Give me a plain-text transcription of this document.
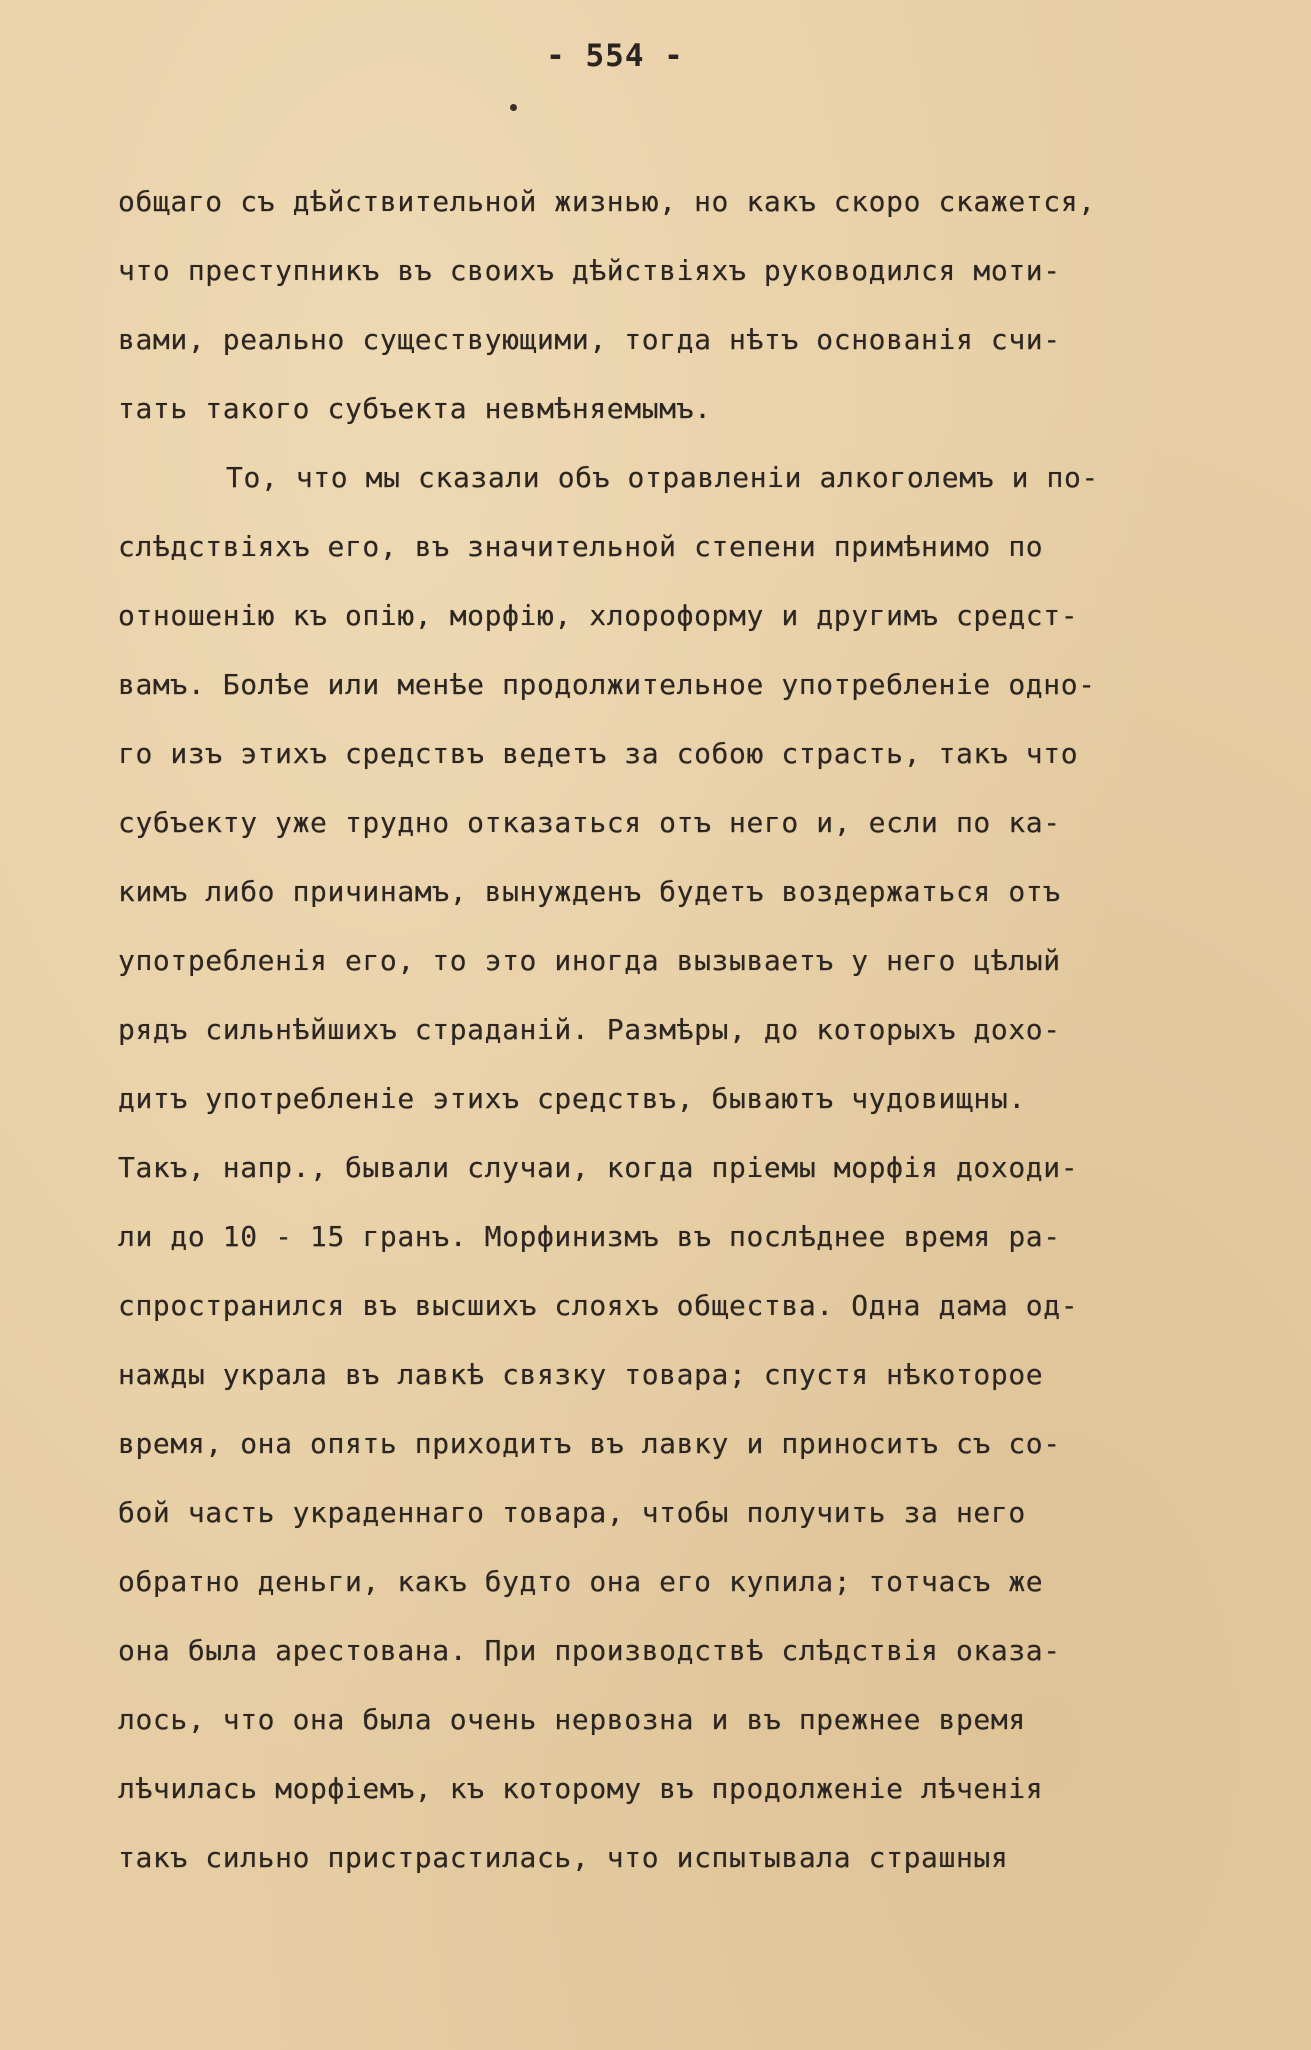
- 554 -
общаго съ дѣйствительной жизнью, но какъ скоро скажется,
что преступникъ въ своихъ дѣйствіяхъ руководился моти-
вами, реально существующими, тогда нѣтъ основанія счи-
тать такого субъекта невмѣняемымъ.
То, что мы сказали объ отравленіи алкоголемъ и по-
слѣдствіяхъ его, въ значительной степени примѣнимо по
отношенію къ опію, морфію, хлороформу и другимъ средст-
вамъ. Болѣе или менѣе продолжительное употребленіе одно-
го изъ этихъ средствъ ведетъ за собою страсть, такъ что
субъекту уже трудно отказаться отъ него и, если по ка-
кимъ либо причинамъ, вынужденъ будетъ воздержаться отъ
употребленія его, то это иногда вызываетъ у него цѣлый
рядъ сильнѣйшихъ страданій. Размѣры, до которыхъ дохо-
дитъ употребленіе этихъ средствъ, бываютъ чудовищны.
Такъ, напр., бывали случаи, когда пріемы морфія доходи-
ли до 10 - 15 гранъ. Морфинизмъ въ послѣднее время ра-
спространился въ высшихъ слояхъ общества. Одна дама од-
нажды украла въ лавкѣ связку товара; спустя нѣкоторое
время, она опять приходитъ въ лавку и приноситъ съ со-
бой часть украденнаго товара, чтобы получить за него
обратно деньги, какъ будто она его купила; тотчасъ же
она была арестована. При производствѣ слѣдствія оказа-
лось, что она была очень нервозна и въ прежнее время
лѣчилась морфіемъ, къ которому въ продолженіе лѣченія
такъ сильно пристрастилась, что испытывала страшныя
